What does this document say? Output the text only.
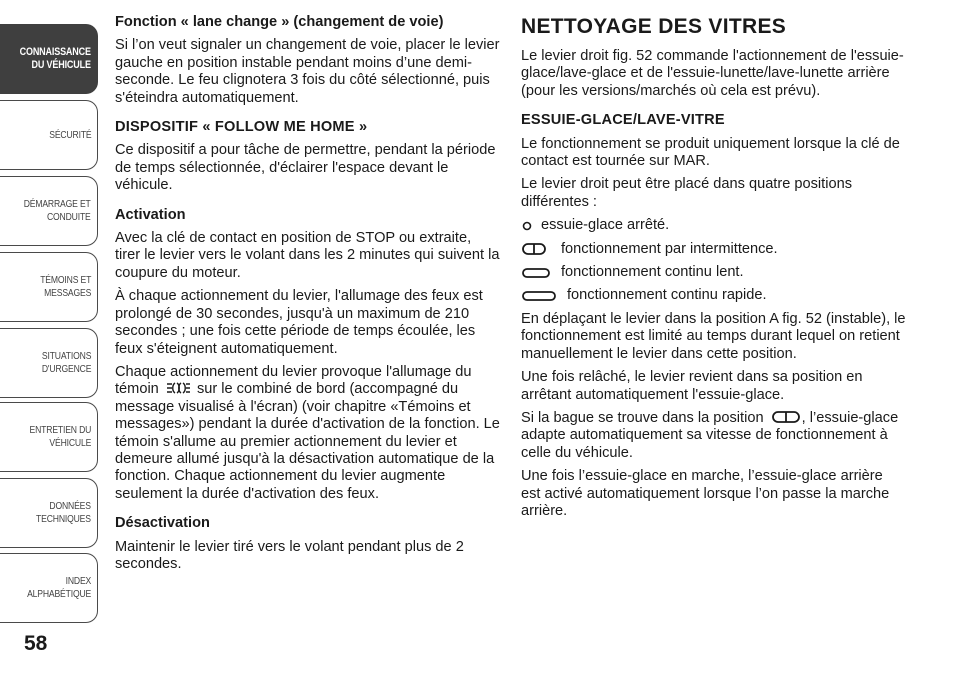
CONNAISSANCE
DU VÉHICULE
SÉCURITÉ
DÉMARRAGE ET
CONDUITE
TÉMOINS ET
MESSAGES
SITUATIONS
D'URGENCE
ENTRETIEN DU
VÉHICULE
DONNÉES
TECHNIQUES
INDEX
ALPHABÉTIQUE
58
Fonction « lane change » (changement de voie)

Si l’on veut signaler un changement de voie, placer le levier gauche en position instable pendant moins d’une demi-seconde. Le feu clignotera 3 fois du côté sélectionné, puis s'éteindra automatiquement.

DISPOSITIF « FOLLOW ME HOME »

Ce dispositif a pour tâche de permettre, pendant la période de temps sélectionnée, d'éclairer l'espace devant le véhicule.

Activation

Avec la clé de contact en position de STOP ou extraite, tirer le levier vers le volant dans les 2 minutes qui suivent la coupure du moteur.

À chaque actionnement du levier, l'allumage des feux est prolongé de 30 secondes, jusqu'à un maximum de 210 secondes ; une fois cette période de temps écoulée, les feux s'éteignent automatiquement.

Chaque actionnement du levier provoque l'allumage du témoin	sur le combiné de bord (accompagné du message visualisé à l'écran) (voir chapitre «Témoins et messages») pendant la durée d'activation de la fonction. Le témoin s'allume au premier actionnement du levier et demeure allumé jusqu'à la désactivation automatique de la fonction. Chaque actionnement du levier augmente seulement la durée d'activation des feux.

Désactivation

Maintenir le levier tiré vers le volant pendant plus de 2 secondes.

NETTOYAGE DES VITRES

Le levier droit fig. 52 commande l'actionnement de l'essuie-glace/lave-glace et de l'essuie-lunette/lave-lunette arrière (pour les versions/marchés où cela est prévu).

ESSUIE-GLACE/LAVE-VITRE

Le fonctionnement se produit uniquement lorsque la clé de contact est tournée sur MAR.

Le levier droit peut être placé dans quatre positions différentes :

essuie-glace arrêté.
fonctionnement par intermittence.
fonctionnement continu lent.
fonctionnement continu rapide.

En déplaçant le levier dans la position A fig. 52 (instable), le fonctionnement est limité au temps durant lequel on retient manuellement le levier dans cette position.

Une fois relâché, le levier revient dans sa position en arrêtant automatiquement l'essuie-glace.

Si la bague se trouve dans la position	, l’essuie-glace adapte automatiquement sa vitesse de fonctionnement à celle du véhicule.

Une fois l’essuie-glace en marche, l’essuie-glace arrière est activé automatiquement lorsque l’on passe la marche arrière.
